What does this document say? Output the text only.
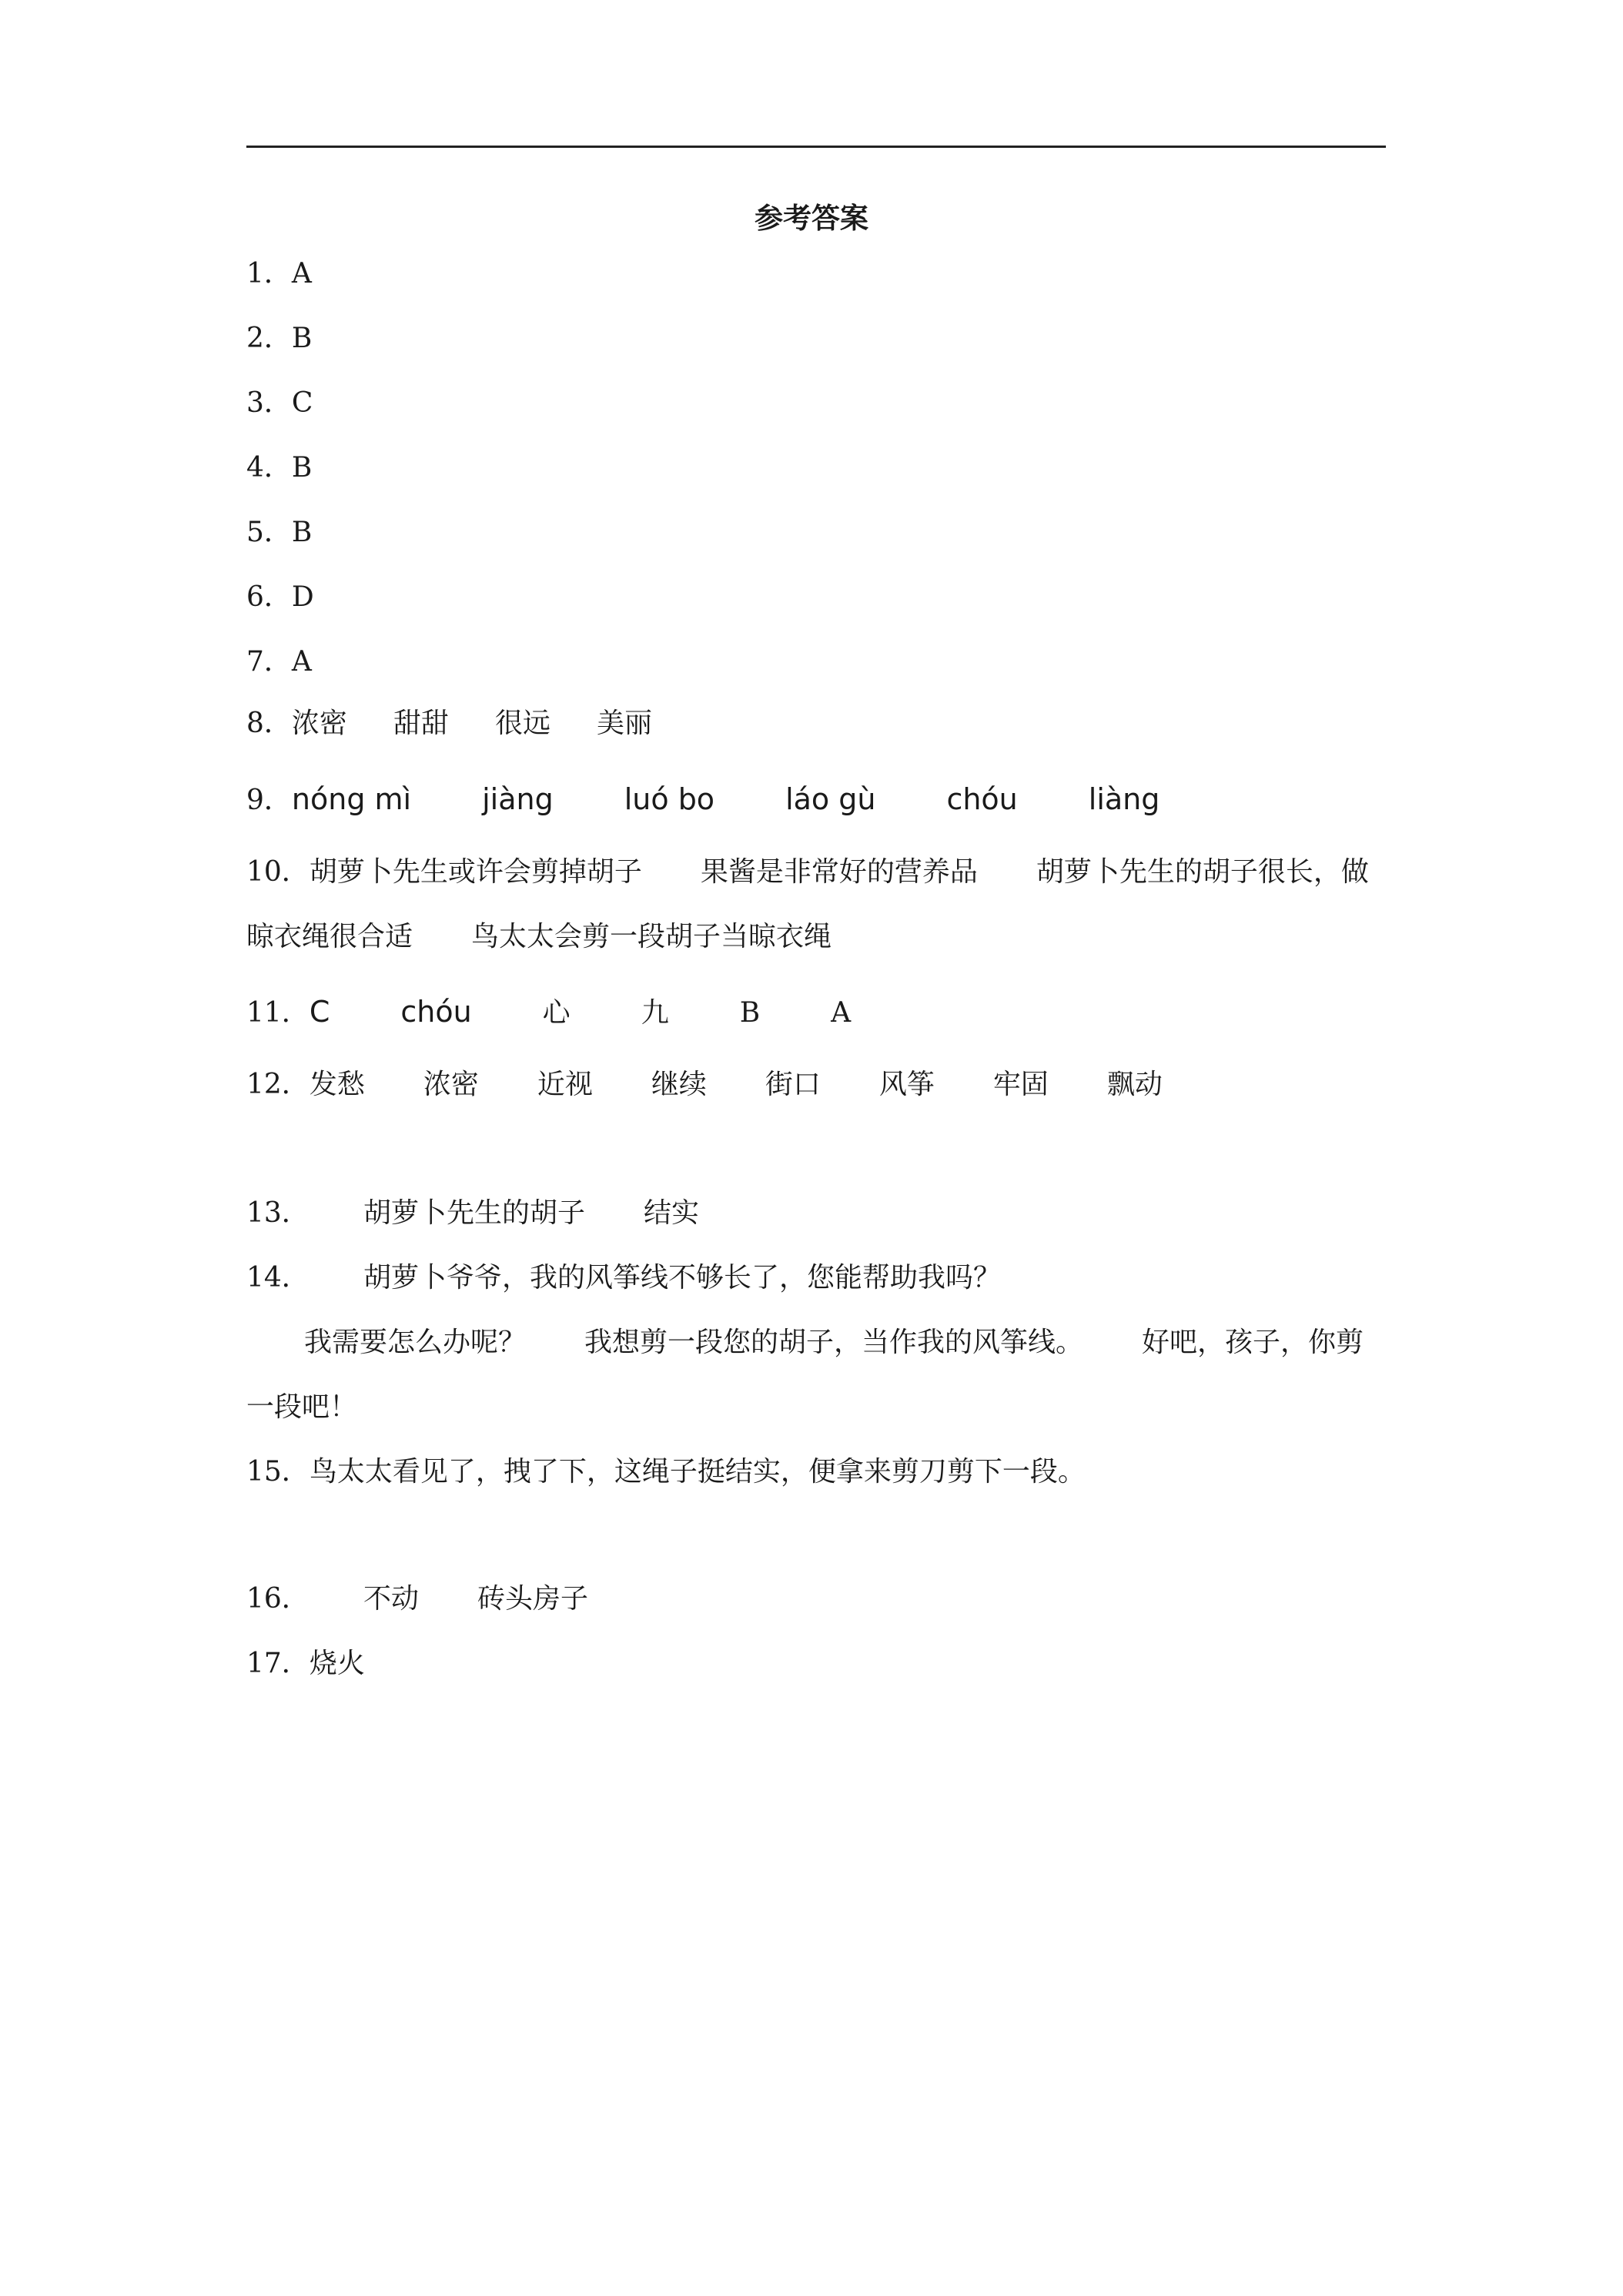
参考答案
1．A
2．B
3．C
4．B
5．B
6．D
7．A
8．浓密 甜甜 很远 美丽
9．nóng mì jiàng luó bo láo gù chóu liàng
10．胡萝卜先生或许会剪掉胡子 果酱是非常好的营养品 胡萝卜先生的胡子很长，做
晾衣绳很合适 鸟太太会剪一段胡子当晾衣绳
11．C chóu	心	九	B	A
12．发愁 浓密 近视 继续 街口 风筝 牢固 飘动
13． 胡萝卜先生的胡子 结实
14． 胡萝卜爷爷，我的风筝线不够长了，您能帮助我吗？
我需要怎么办呢？ 我想剪一段您的胡子，当作我的风筝线。 好吧，孩子，你剪
一段吧！
15．鸟太太看见了，拽了下，这绳子挺结实，便拿来剪刀剪下一段。
16． 不动 砖头房子
17．烧火
